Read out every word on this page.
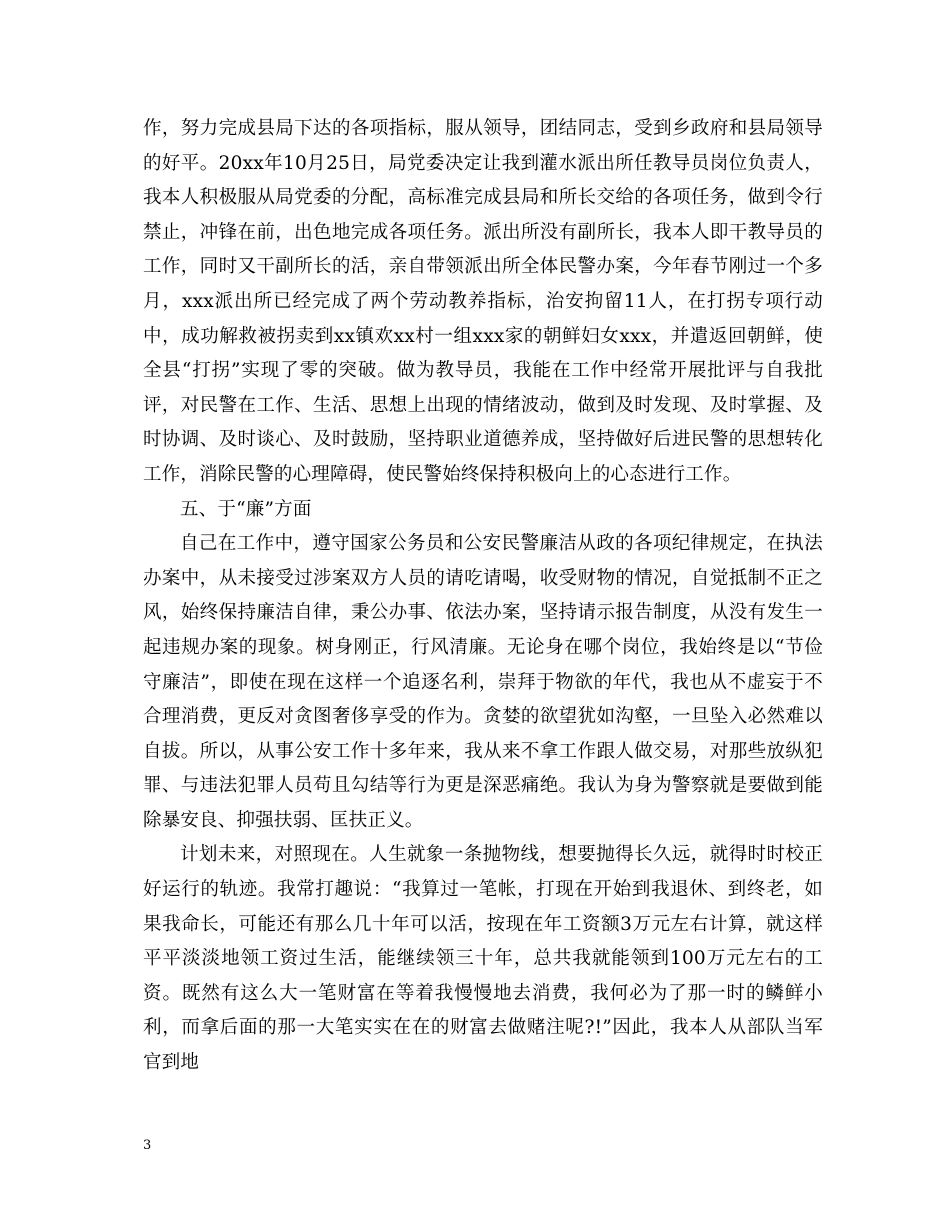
作，努力完成县局下达的各项指标，服从领导，团结同志，受到乡政府和县局领导的好平。20xx年10月25日，局党委决定让我到灌水派出所任教导员岗位负责人，我本人积极服从局党委的分配，高标准完成县局和所长交给的各项任务，做到令行禁止，冲锋在前，出色地完成各项任务。派出所没有副所长，我本人即干教导员的工作，同时又干副所长的活，亲自带领派出所全体民警办案，今年春节刚过一个多月，xxx派出所已经完成了两个劳动教养指标，治安拘留11人，在打拐专项行动中，成功解救被拐卖到xx镇欢xx村一组xxx家的朝鲜妇女xxx，并遣返回朝鲜，使全县“打拐”实现了零的突破。做为教导员，我能在工作中经常开展批评与自我批评，对民警在工作、生活、思想上出现的情绪波动，做到及时发现、及时掌握、及时协调、及时谈心、及时鼓励，坚持职业道德养成，坚持做好后进民警的思想转化工作，消除民警的心理障碍，使民警始终保持积极向上的心态进行工作。

五、于“廉”方面

自己在工作中，遵守国家公务员和公安民警廉洁从政的各项纪律规定，在执法办案中，从未接受过涉案双方人员的请吃请喝，收受财物的情况，自觉抵制不正之风，始终保持廉洁自律，秉公办事、依法办案，坚持请示报告制度，从没有发生一起违规办案的现象。树身刚正，行风清廉。无论身在哪个岗位，我始终是以“节俭守廉洁”，即使在现在这样一个追逐名利，崇拜于物欲的年代，我也从不虚妄于不合理消费，更反对贪图奢侈享受的作为。贪婪的欲望犹如沟壑，一旦坠入必然难以自拔。所以，从事公安工作十多年来，我从来不拿工作跟人做交易，对那些放纵犯罪、与违法犯罪人员苟且勾结等行为更是深恶痛绝。我认为身为警察就是要做到能除暴安良、抑强扶弱、匡扶正义。

计划未来，对照现在。人生就象一条抛物线，想要抛得长久远，就得时时校正好运行的轨迹。我常打趣说：“我算过一笔帐，打现在开始到我退休、到终老，如果我命长，可能还有那么几十年可以活，按现在年工资额3万元左右计算，就这样平平淡淡地领工资过生活，能继续领三十年，总共我就能领到100万元左右的工资。既然有这么大一笔财富在等着我慢慢地去消费，我何必为了那一时的鳞鲜小利，而拿后面的那一大笔实实在在的财富去做赌注呢?!”因此，我本人从部队当军官到地

3
